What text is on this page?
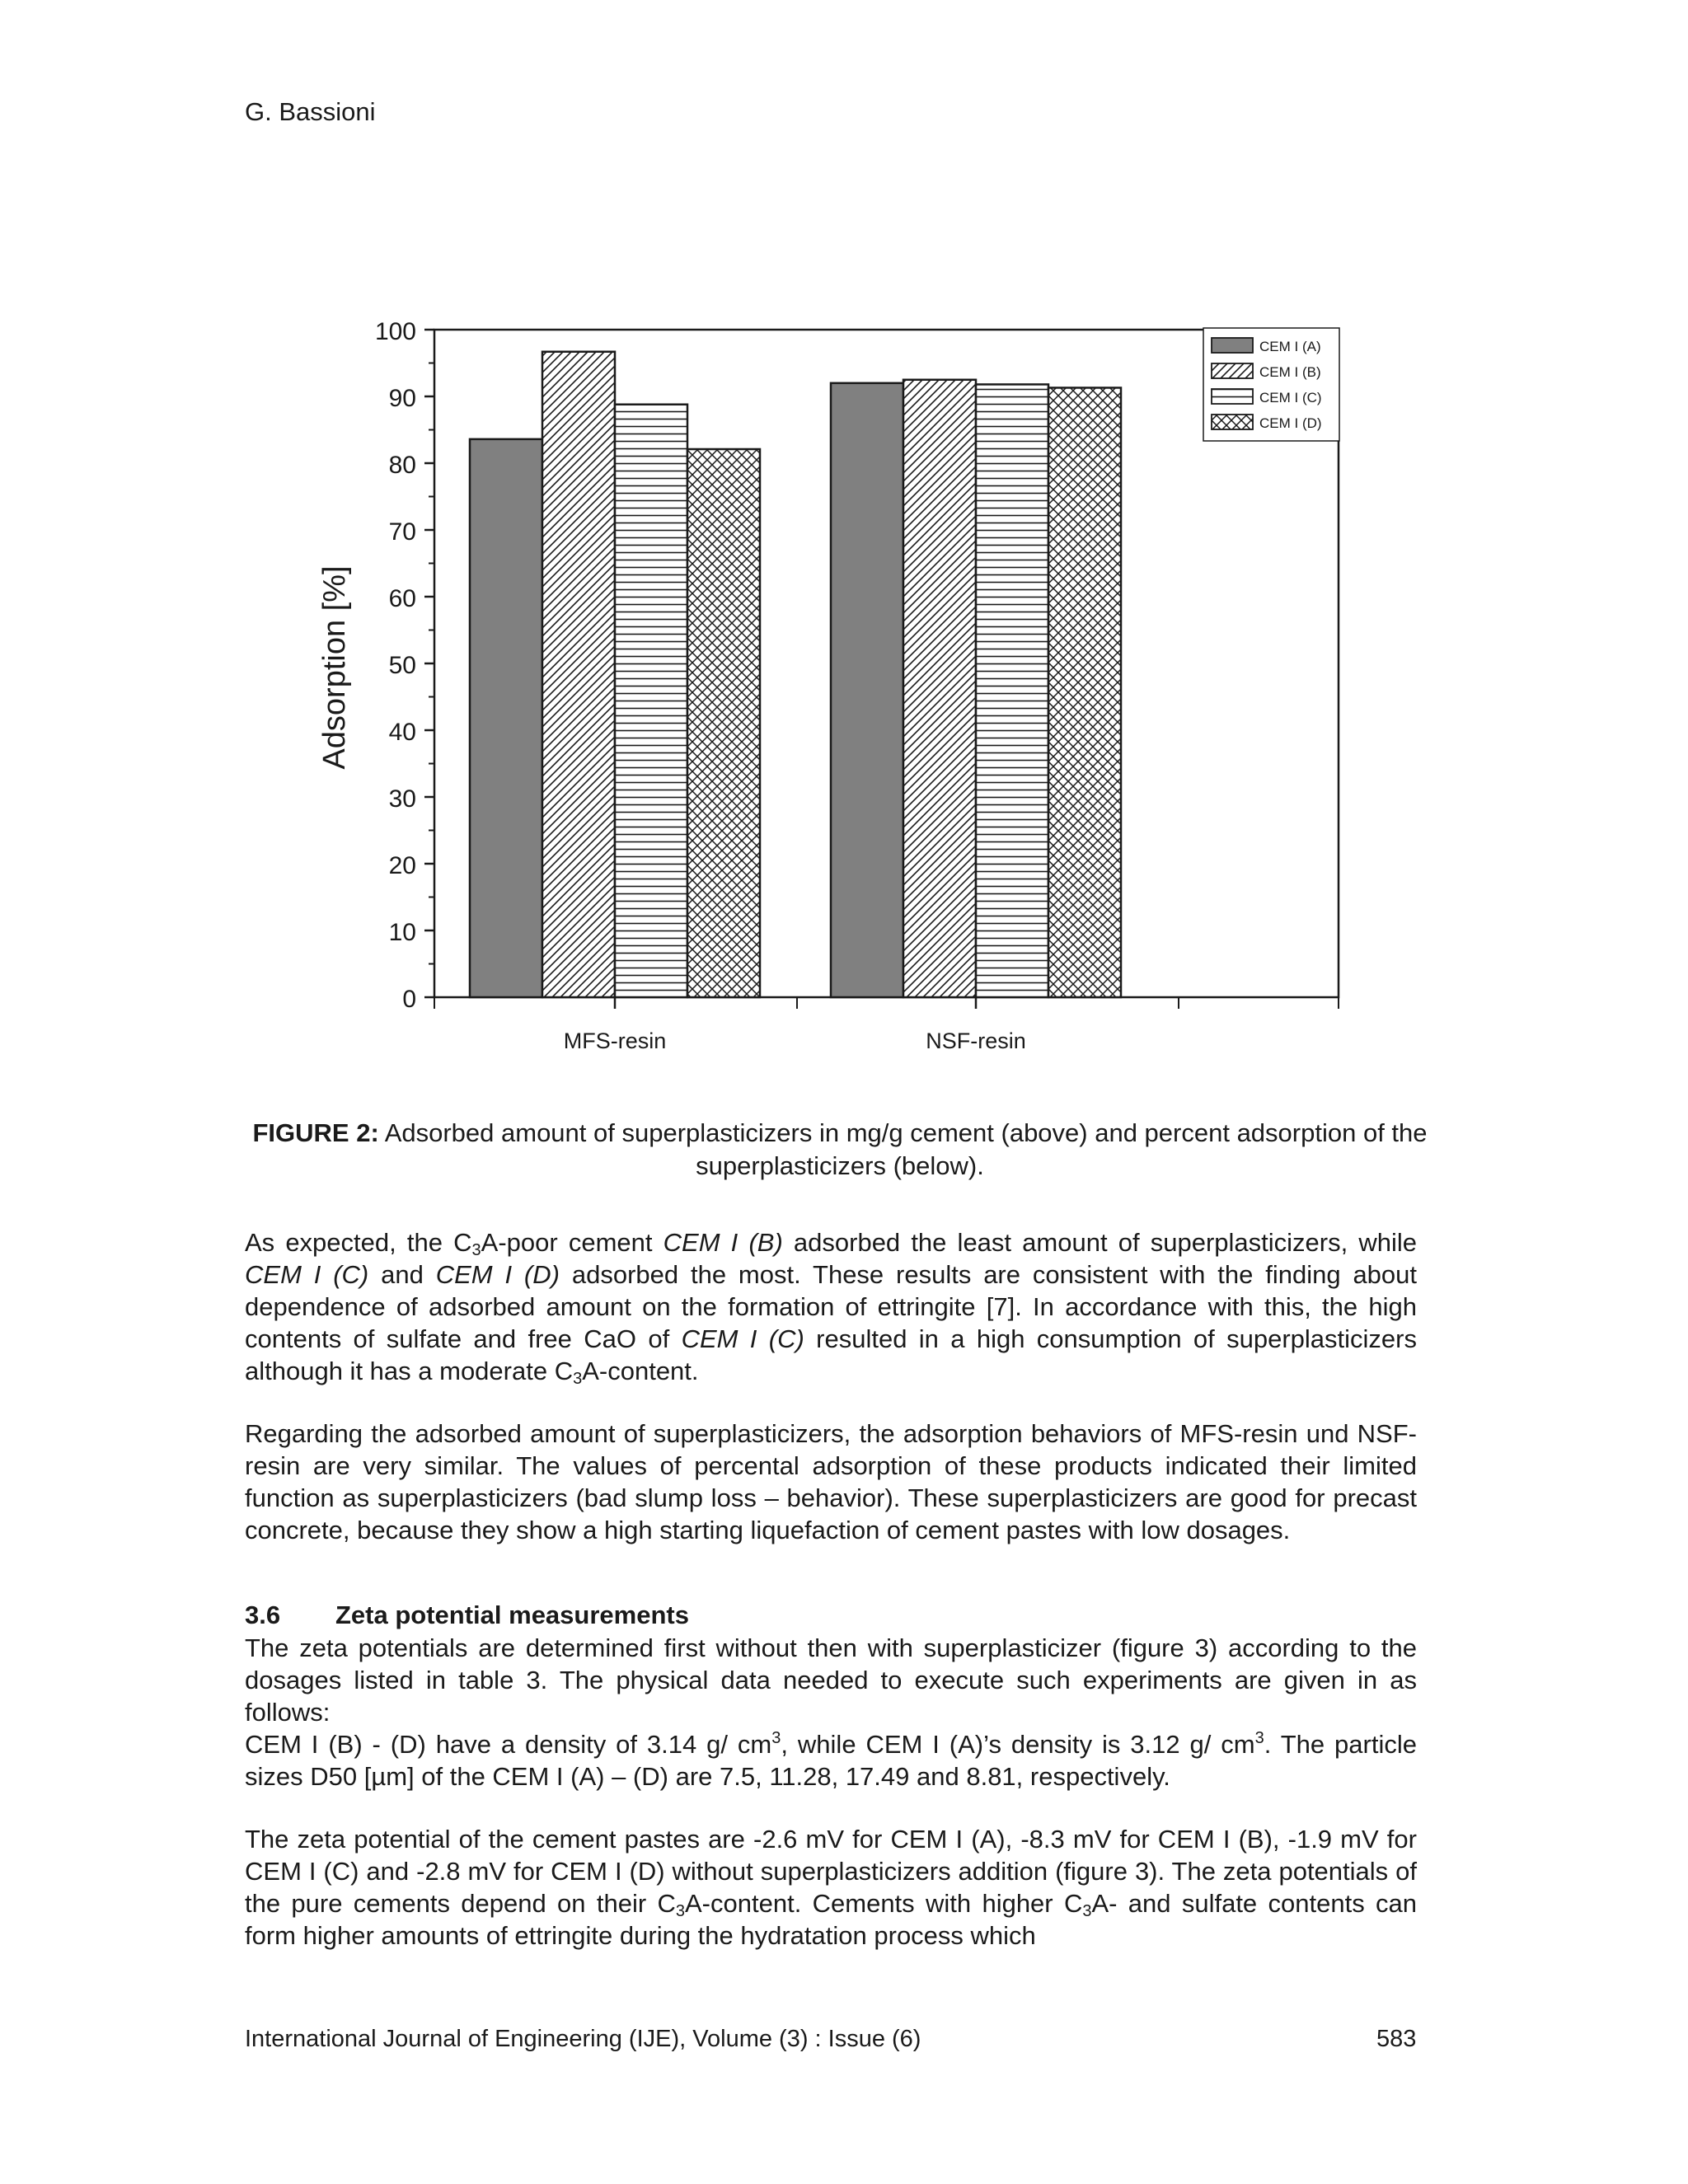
G. Bassioni
0
10
20
30
40
50
60
70
80
90
100
MFS-resin	NSF-resin
CEM I (A)
CEM I (B)
CEM I (C)
CEM I (D)
Adsorption [%]
FIGURE 2: Adsorbed amount of superplasticizers in mg/g cement (above) and percent adsorption of the superplasticizers (below).
As expected, the $C_3A$-poor cement CEM I (B) adsorbed the least amount of superplasticizers, while CEM I (C) and CEM I (D) adsorbed the most. These results are consistent with the finding about dependence of adsorbed amount on the formation of ettringite [7]. In accordance with this, the high contents of sulfate and free CaO of CEM I (C) resulted in a high consumption of superplasticizers although it has a moderate $C_3A$-content.
Regarding the adsorbed amount of superplasticizers, the adsorption behaviors of MFS-resin und NSF-resin are very similar. The values of percental adsorption of these products indicated their limited function as superplasticizers (bad slump loss – behavior). These superplasticizers are good for precast concrete, because they show a high starting liquefaction of cement pastes with low dosages.
3.6 Zeta potential measurements
The zeta potentials are determined first without then with superplasticizer (figure 3) according to the dosages listed in table 3. The physical data needed to execute such experiments are given in as follows:
CEM I (B) - (D) have a density of 3.14 g/ $cm^3$, while CEM I (A)’s density is 3.12 g/ $cm^3$. The particle sizes D50 [µm] of the CEM I (A) – (D) are 7.5, 11.28, 17.49 and 8.81, respectively.
The zeta potential of the cement pastes are -2.6 mV for CEM I (A), -8.3 mV for CEM I (B), -1.9 mV for CEM I (C) and -2.8 mV for CEM I (D) without superplasticizers addition (figure 3). The zeta potentials of the pure cements depend on their $C_3A$-content. Cements with higher $C_3A-$ and sulfate contents can form higher amounts of ettringite during the hydratation process which
International Journal of Engineering (IJE), Volume (3) : Issue (6)	583
